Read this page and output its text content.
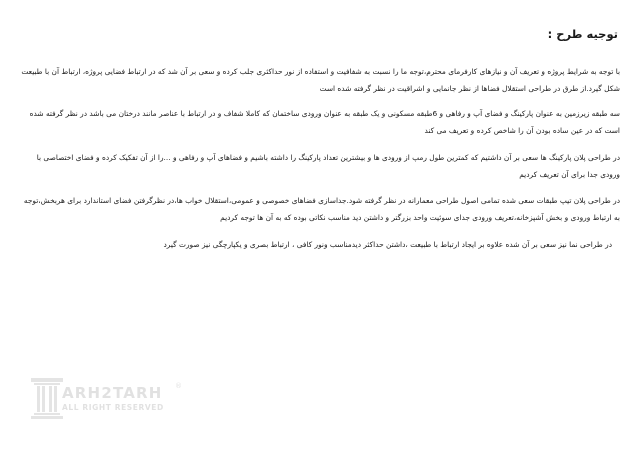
توجیه طرح :

با توجه به شرایط پروژه و تعریف آن و نیازهای کارفرمای محترم،توجه ما را نسبت به شفافیت و استفاده از نور حداکثری جلب کرده و سعی بر آن شد که در ارتباط فضایی پروژه، ارتباط آن با طبیعت شکل گیرد.از طرق در طراحی استقلال فضاها از نظر جانمایی و اشراقیت در نظر گرفته شده است

سه طبقه زیرزمین به عنوان پارکینگ و فضای آپ و رفاهی و 6طبقه مسکونی و یک طبقه به عنوان ورودی ساختمان که کاملا شفاف و در ارتباط با عناصر مانند درختان می باشد در نظر گرفته شده است که در عین ساده بودن آن را شاخص کرده و تعریف می کند

در طراحی پلان پارکینگ ها سعی بر آن داشتیم که کمترین طول رمپ از ورودی ها و بیشترین تعداد پارکینگ را داشته باشیم و فضاهای آپ و رفاهی و ...را از آن تفکیک کرده و فضای اختصاصی با ورودی جدا برای آن تعریف کردیم

در طراحی پلان تیپ طبقات سعی شده تمامی اصول طراحی معمارانه در نظر گرفته شود.جداسازی فضاهای خصوصی و عمومی،استقلال خواب ها،در نظرگرفتن فضای استاندارد برای هربخش،توجه به ارتباط ورودی و بخش آشپزخانه،تعریف ورودی جدای سوئیت واحد بزرگتر و داشتن دید مناسب نکاتی بوده که به آن ها توجه کردیم

در طراحی نما نیز سعی بر آن شده علاوه بر ایجاد ارتباط با طبیعت ،داشتن حداکثر دیدمناسب ونور کافی ، ارتباط بصری و یکپارچگی نیز صورت گیرد

ARH2TARH
ALL RIGHT RESERVED
®
